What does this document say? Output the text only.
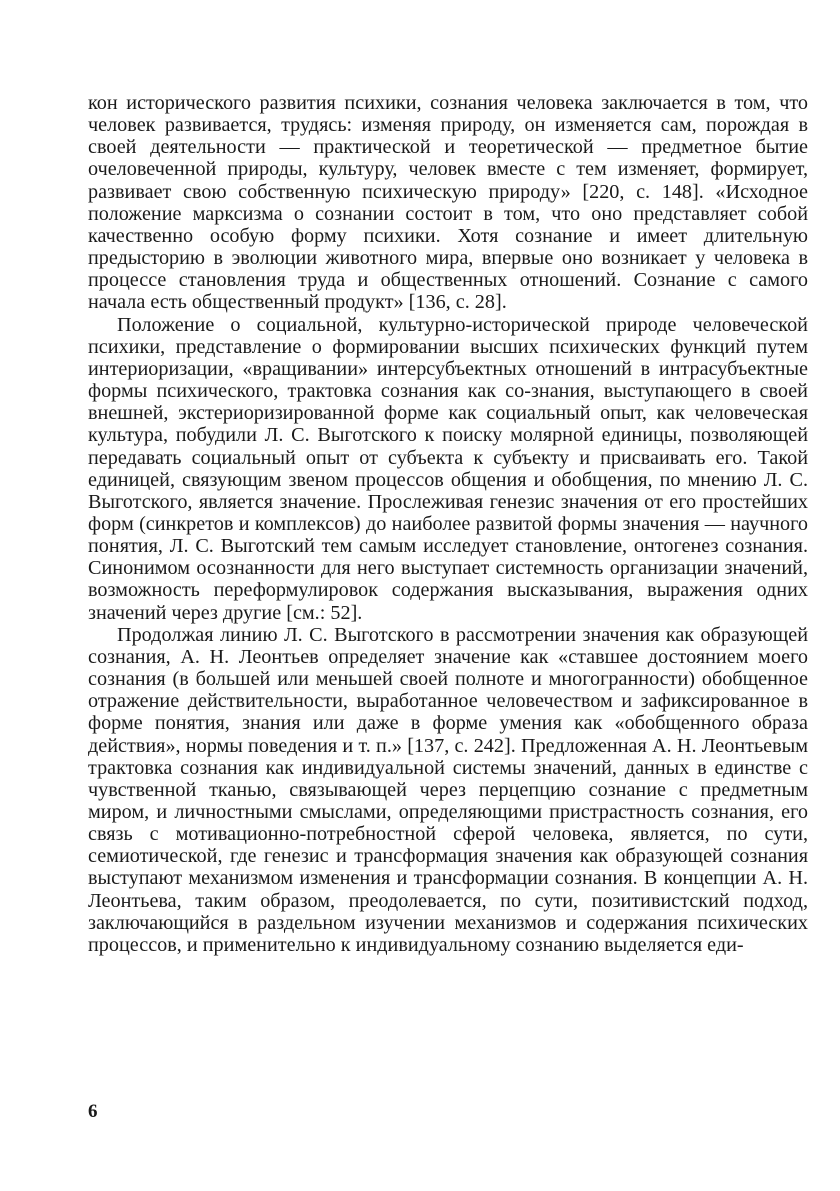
кон исторического развития психики, сознания человека заключается в том, что человек развивается, трудясь: изменяя природу, он изменяется сам, порождая в своей деятельности — практической и теоретической — предметное бытие очеловеченной природы, культуру, человек вместе с тем изменяет, формирует, развивает свою собственную психическую природу» [220, с. 148]. «Исходное положение марксизма о сознании состоит в том, что оно представляет собой качественно особую форму психики. Хотя сознание и имеет длительную предысторию в эволюции животного мира, впервые оно возникает у человека в процессе становления труда и общественных отношений. Сознание с самого начала есть общественный продукт» [136, с. 28].

Положение о социальной, культурно-исторической природе человеческой психики, представление о формировании высших психических функций путем интериоризации, «вращивании» интерсубъектных отношений в интрасубъектные формы психического, трактовка сознания как со-знания, выступающего в своей внешней, экстериоризированной форме как социальный опыт, как человеческая культура, побудили Л. С. Выготского к поиску молярной единицы, позволяющей передавать социальный опыт от субъекта к субъекту и присваивать его. Такой единицей, связующим звеном процессов общения и обобщения, по мнению Л. С. Выготского, является значение. Прослеживая генезис значения от его простейших форм (синкретов и комплексов) до наиболее развитой формы значения — научного понятия, Л. С. Выготский тем самым исследует становление, онтогенез сознания. Синонимом осознанности для него выступает системность организации значений, возможность переформулировок содержания высказывания, выражения одних значений через другие [см.: 52].

Продолжая линию Л. С. Выготского в рассмотрении значения как образующей сознания, А. Н. Леонтьев определяет значение как «ставшее достоянием моего сознания (в большей или меньшей своей полноте и многогранности) обобщенное отражение действительности, выработанное человечеством и зафиксированное в форме понятия, знания или даже в форме умения как «обобщенного образа действия», нормы поведения и т. п.» [137, с. 242]. Предложенная А. Н. Леонтьевым трактовка сознания как индивидуальной системы значений, данных в единстве с чувственной тканью, связывающей через перцепцию сознание с предметным миром, и личностными смыслами, определяющими пристрастность сознания, его связь с мотивационно-потребностной сферой человека, является, по сути, семиотической, где генезис и трансформация значения как образующей сознания выступают механизмом изменения и трансформации сознания. В концепции А. Н. Леонтьева, таким образом, преодолевается, по сути, позитивистский подход, заключающийся в раздельном изучении механизмов и содержания психических процессов, и применительно к индивидуальному сознанию выделяется еди-

6
